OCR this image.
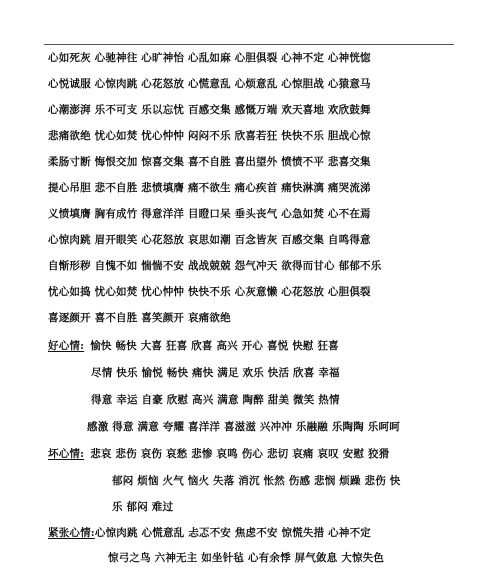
心如死灰 心驰神往 心旷神怡 心乱如麻 心胆俱裂 心神不定 心神恍惚
心悦诚服 心惊肉跳 心花怒放 心慌意乱 心烦意乱 心惊胆战 心猿意马
心潮澎湃 乐不可支 乐以忘忧 百感交集 感慨万端 欢天喜地 欢欣鼓舞
悲痛欲绝 忧心如焚 忧心忡忡 闷闷不乐 欣喜若狂 快快不乐 胆战心惊
柔肠寸断 悔恨交加 惊喜交集 喜不自胜 喜出望外 愤愤不平 悲喜交集
提心吊胆 悲不自胜 悲愤填膺 痛不欲生 痛心疾首 痛快淋漓 痛哭流涕
义愤填膺 胸有成竹 得意洋洋 目瞪口呆 垂头丧气 心急如焚 心不在焉
心惊肉跳 眉开眼笑 心花怒放 哀思如潮 百念皆灰 百感交集 自鸣得意
自惭形秽 自愧不如 惴惴不安 战战兢兢 怨气冲天 欲得而甘心 郁郁不乐
忧心如捣 忧心如焚 忧心忡忡 快快不乐 心灰意懒 心花怒放 心胆俱裂
喜逐颜开 喜不自胜 喜笑颜开 哀痛欲绝
好心情: 愉快 畅快 大喜 狂喜 欣喜 高兴 开心 喜悦 快慰 狂喜
尽情 快乐 愉悦 畅快 痛快 满足 欢乐 快活 欣喜 幸福
得意 幸运 自豪 欣慰 高兴 满意 陶醉 甜美 微笑 热情
感激 得意 满意 夸耀 喜洋洋 喜滋滋 兴冲冲 乐融融 乐陶陶 乐呵呵
坏心情: 悲哀 悲伤 哀伤 哀愁 悲惨 哀鸣 伤心 悲切 哀痛 哀叹 安慰 狡猾
郁闷 烦恼 火气 恼火 失落 消沉 怅然 伤感 悲悯 烦躁 悲伤 快
乐 郁闷 难过
紧张心情:心惊肉跳 心慌意乱 忐忑不安 焦虑不安 惊慌失措 心神不定
惊弓之鸟 六神无主 如坐针毡 心有余悸 屏气敛息 大惊失色
